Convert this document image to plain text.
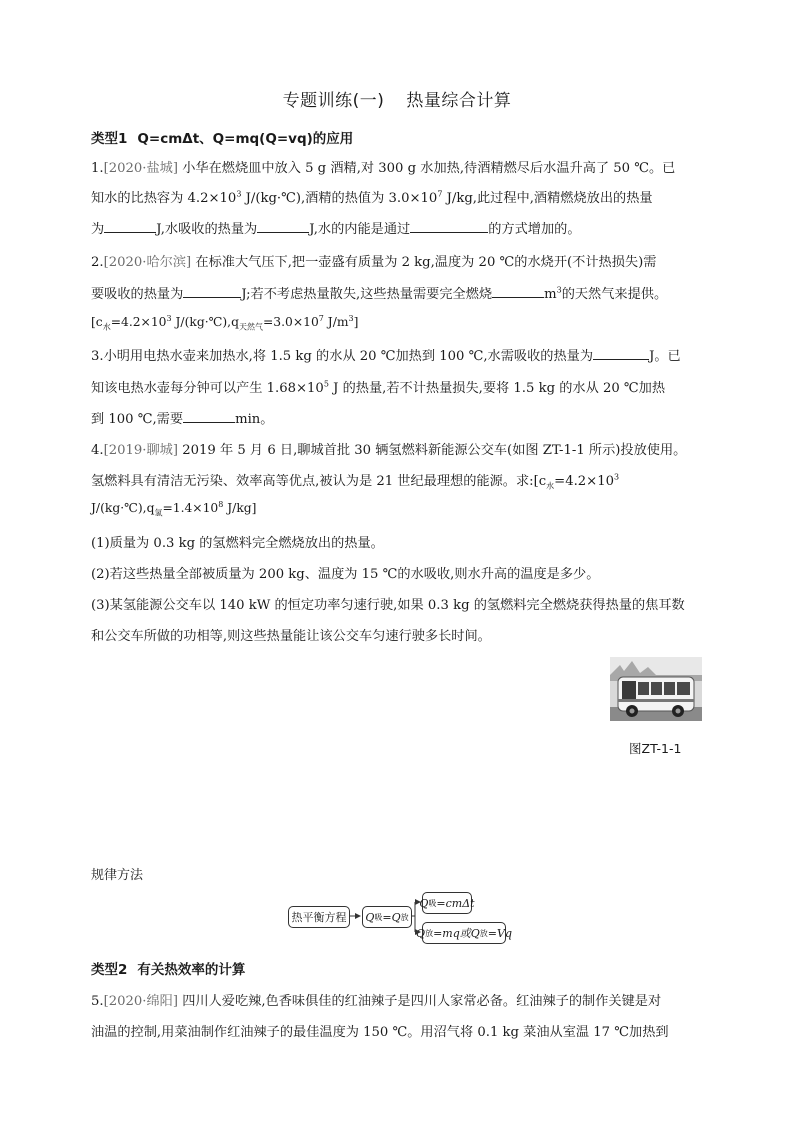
专题训练(一) 热量综合计算
类型1 Q=cmΔt、Q=mq(Q=vq)的应用
1.[2020·盐城] 小华在燃烧皿中放入 5 g 酒精,对 300 g 水加热,待酒精燃尽后水温升高了 50 ℃。已
知水的比热容为 $4.2\times 10^3$ J/(kg·℃),酒精的热值为 $3.0\times 10^7$ J/kg,此过程中,酒精燃烧放出的热量
为	J,水吸收的热量为	J,水的内能是通过	的方式增加的。
2.[2020·哈尔滨] 在标准大气压下,把一壶盛有质量为 2 kg,温度为 20 ℃的水烧开(不计热损失)需
要吸收的热量为	J;若不考虑热量散失,这些热量需要完全燃烧	$m^3$的天然气来提供。
[$c_水=4.2\times 10^3$ $J/(kg\cdot℃),q_{天然气}=3.0\times 10^7$ $J/m^3$]
3.小明用电热水壶来加热水,将 1.5 kg 的水从 20 ℃加热到 100 ℃,水需吸收的热量为	J。已
知该电热水壶每分钟可以产生 $1.68\times 10^5$ J 的热量,若不计热量损失,要将 1.5 kg 的水从 20 ℃加热
到 100 ℃,需要	min。
4.[2019·聊城] 2019 年 5 月 6 日,聊城首批 30 辆氢燃料新能源公交车(如图 ZT-1-1 所示)投放使用。
氢燃料具有清洁无污染、效率高等优点,被认为是 21 世纪最理想的能源。求$:[c_水=4.2\times 10^3$
$J/(kg\cdot℃),q_氢=1.4\times 10^8$ J/kg]
(1)质量为 0.3 kg 的氢燃料完全燃烧放出的热量。
(2)若这些热量全部被质量为 200 kg、温度为 15 ℃的水吸收,则水升高的温度是多少。
(3)某氢能源公交车以 140 kW 的恒定功率匀速行驶,如果 0.3 kg 的氢燃料完全燃烧获得热量的焦耳数
和公交车所做的功相等,则这些热量能让该公交车匀速行驶多长时间。
图ZT-1-1
规律方法
热平衡方程 Q 吸 =Q 放
Q 吸 =cmΔt
Q 放 =mq或Q 放 =Vq
类型2 有关热效率的计算
5.[2020·绵阳] 四川人爱吃辣,色香味俱佳的红油辣子是四川人家常必备。红油辣子的制作关键是对
油温的控制,用菜油制作红油辣子的最佳温度为 150 ℃。用沼气将 0.1 kg 菜油从室温 17 ℃加热到
